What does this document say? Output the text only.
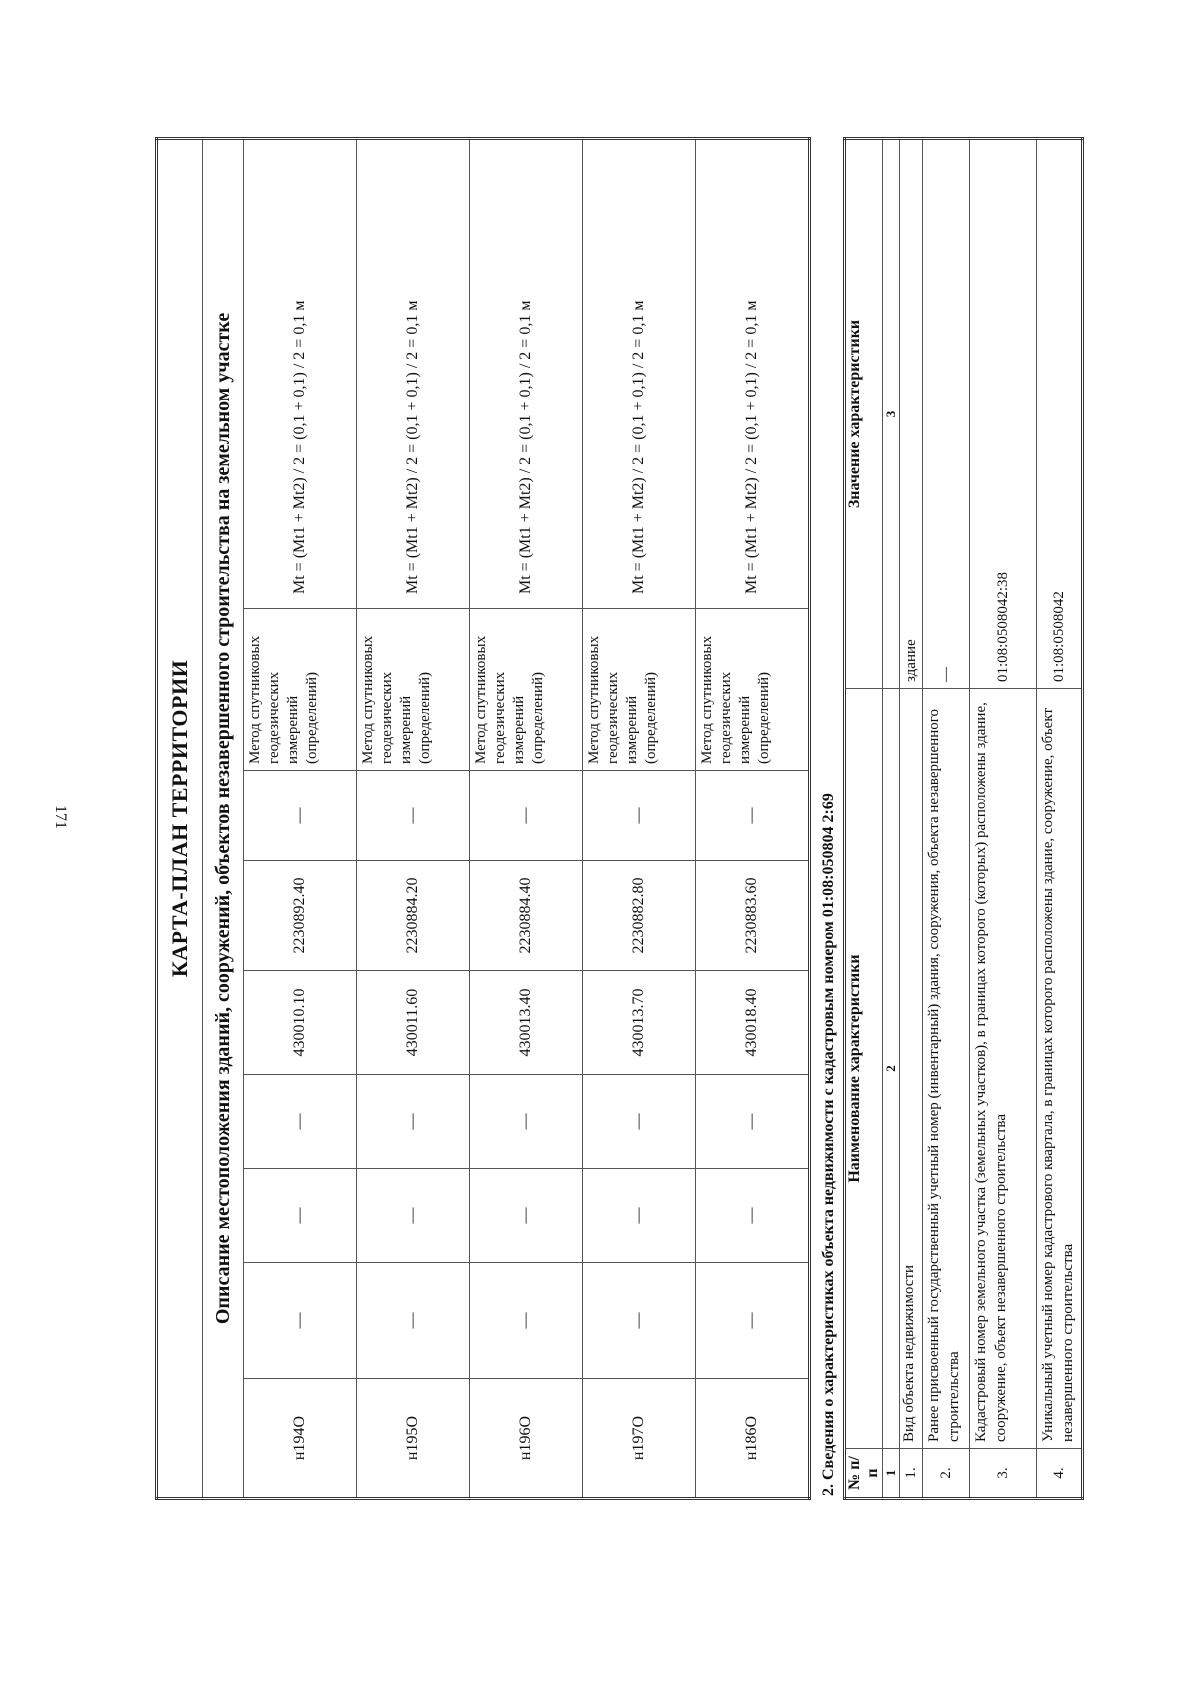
171	КАРТА-ПЛАН ТЕРРИТОРИИ								
Описание местоположения зданий, сооружений, объектов незавершенного строительства на земельном участке								
н194О	—	—	—	430010.10	2230892.40	—	Метод спутниковых геодезических измерений (определений)	Mt = (Mt1 + Mt2) / 2 = (0,1 + 0,1) / 2 = 0,1 м
н195О	—	—	—	430011.60	2230884.20	—	Метод спутниковых геодезических измерений (определений)	Mt = (Mt1 + Mt2) / 2 = (0,1 + 0,1) / 2 = 0,1 м
н196О	—	—	—	430013.40	2230884.40	—	Метод спутниковых геодезических измерений (определений)	Mt = (Mt1 + Mt2) / 2 = (0,1 + 0,1) / 2 = 0,1 м
н197О	—	—	—	430013.70	2230882.80	—	Метод спутниковых геодезических измерений (определений)	Mt = (Mt1 + Mt2) / 2 = (0,1 + 0,1) / 2 = 0,1 м
н186О	—	—	—	430018.40	2230883.60	—	Метод спутниковых геодезических измерений (определений)	Mt = (Mt1 + Mt2) / 2 = (0,1 + 0,1) / 2 = 0,1 м
2. Сведения о характеристиках объекта недвижимости с кадастровым номером 01:08:050804 2:69 № п/п	Наименование характеристики	Значение характеристики
1	2	3
1.	Вид объекта недвижимости	здание
2.	Ранее присвоенный государственный учетный номер (инвентарный) здания, сооружения, объекта незавершенного строительства	—
3.	Кадастровый номер земельного участка (земельных участков), в границах которого (которых) расположены здание, сооружение, объект незавершенного строительства	01:08:0508042:38
4.	Уникальный учетный номер кадастрового квартала, в границах которого расположены здание, сооружение, объект незавершенного строительства	01:08:0508042
